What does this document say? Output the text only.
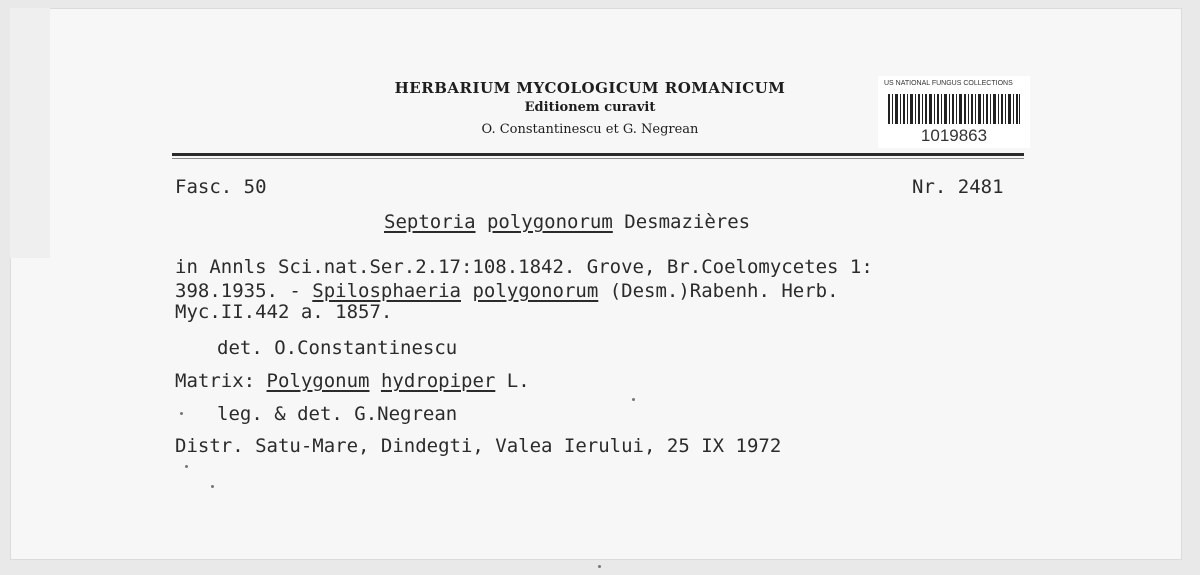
HERBARIUM MYCOLOGICUM ROMANICUM
Editionem curavit
O. Constantinescu et G. Negrean
US NATIONAL FUNGUS COLLECTIONS
1019863
Fasc. 50	Nr. 2481
Septoria polygonorum Desmazières
in Annls Sci.nat.Ser.2.17:108.1842. Grove, Br.Coelomycetes 1:
398.1935. - Spilosphaeria polygonorum (Desm.)Rabenh. Herb.
Myc.II.442 a. 1857.
det. O.Constantinescu
Matrix: Polygonum hydropiper L.
leg. & det. G.Negrean
Distr. Satu-Mare, Dindegti, Valea Ierului, 25 IX 1972
